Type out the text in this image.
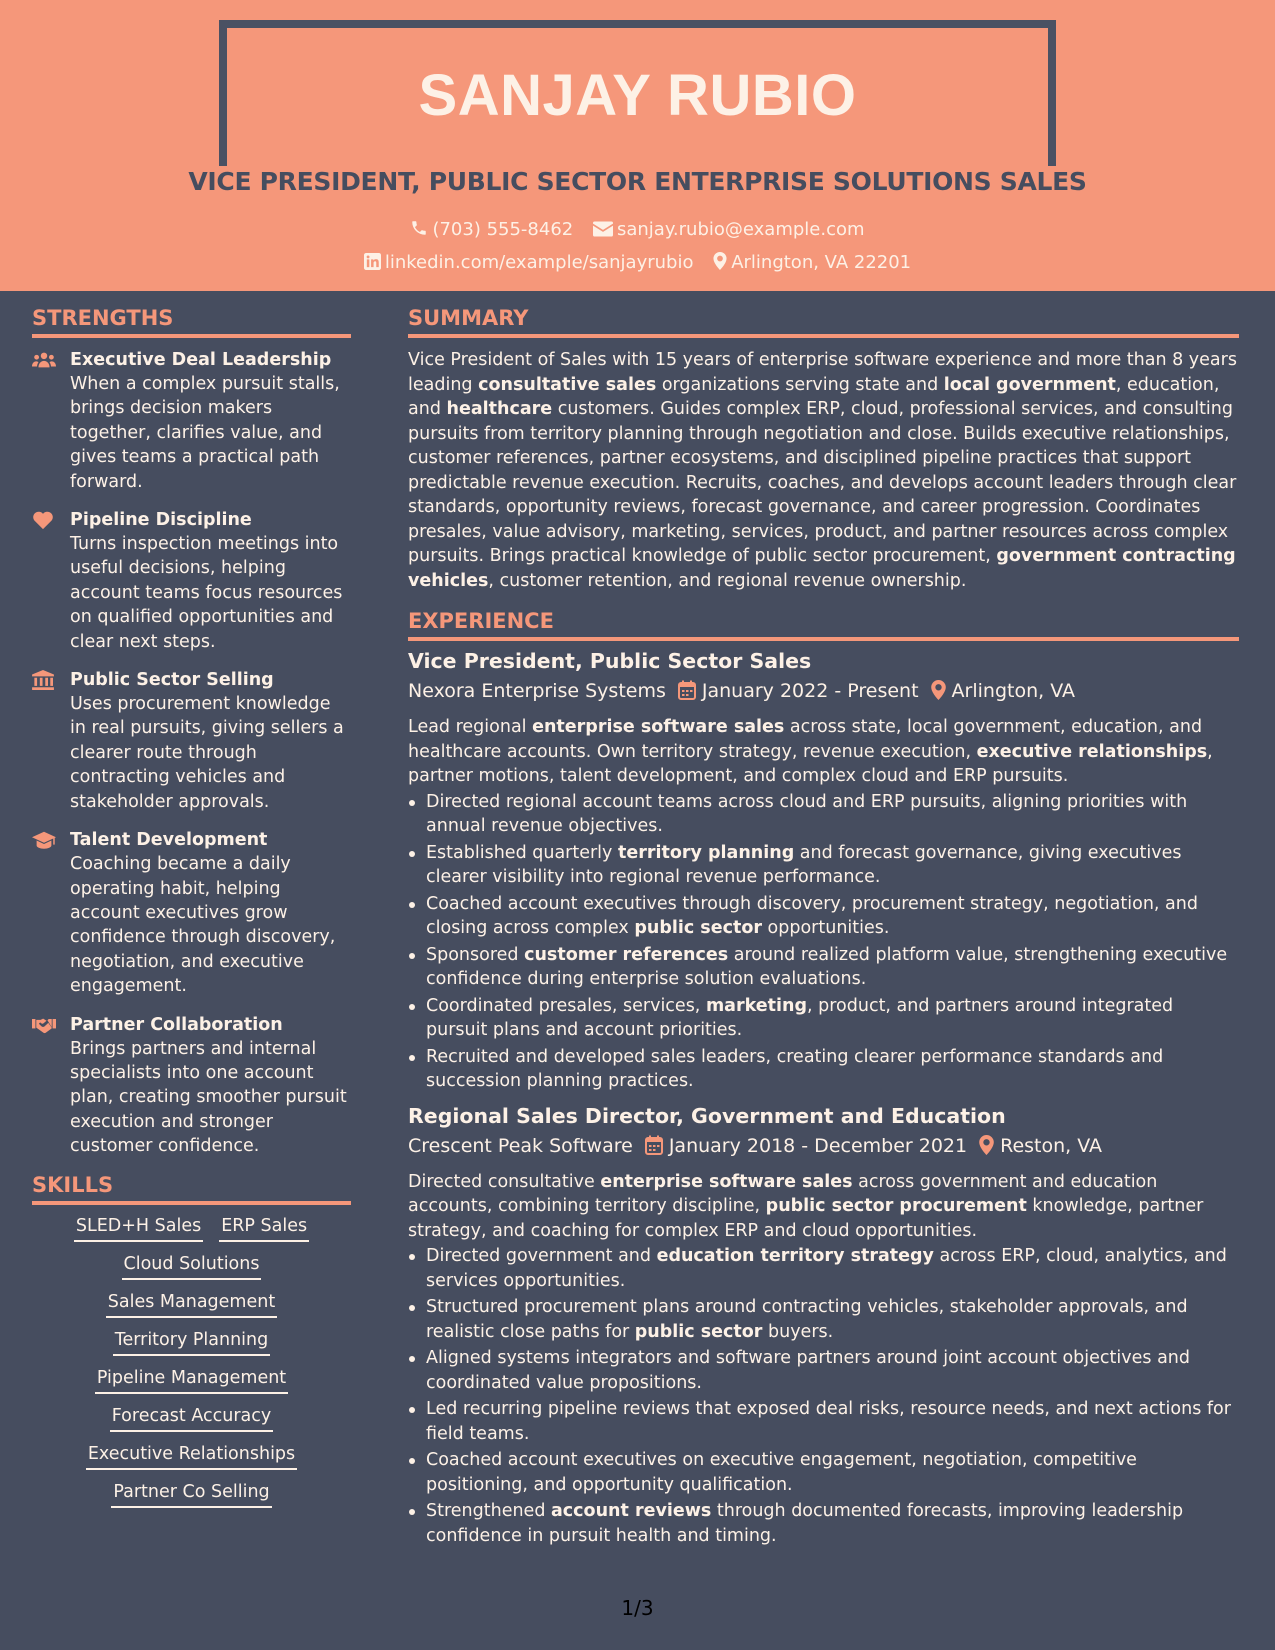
SANJAY RUBIO
VICE PRESIDENT, PUBLIC SECTOR ENTERPRISE SOLUTIONS SALES
(703) 555-8462 sanjay.rubio@example.com
linkedin.com/example/sanjayrubio Arlington, VA 22201
STRENGTHS
Executive Deal Leadership
When a complex pursuit stalls, brings decision makers together, clarifies value, and gives teams a practical path forward.
Pipeline Discipline
Turns inspection meetings into useful decisions, helping account teams focus resources on qualified opportunities and clear next steps.
Public Sector Selling
Uses procurement knowledge in real pursuits, giving sellers a clearer route through contracting vehicles and stakeholder approvals.
Talent Development
Coaching became a daily operating habit, helping account executives grow confidence through discovery, negotiation, and executive engagement.
Partner Collaboration
Brings partners and internal specialists into one account plan, creating smoother pursuit execution and stronger customer confidence.
SKILLS
SLED+H Sales ERP Sales
Cloud Solutions
Sales Management
Territory Planning
Pipeline Management
Forecast Accuracy
Executive Relationships
Partner Co Selling
SUMMARY

Vice President of Sales with 15 years of enterprise software experience and more than 8 years leading consultative sales organizations serving state and local government, education, and healthcare customers. Guides complex ERP, cloud, professional services, and consulting pursuits from territory planning through negotiation and close. Builds executive relationships, customer references, partner ecosystems, and disciplined pipeline practices that support predictable revenue execution. Recruits, coaches, and develops account leaders through clear standards, opportunity reviews, forecast governance, and career progression. Coordinates presales, value advisory, marketing, services, product, and partner resources across complex pursuits. Brings practical knowledge of public sector procurement, government contracting vehicles, customer retention, and regional revenue ownership.

EXPERIENCE
Vice President, Public Sector Sales
Nexora Enterprise Systems January 2022 - Present Arlington, VA

Lead regional enterprise software sales across state, local government, education, and healthcare accounts. Own territory strategy, revenue execution, executive relationships, partner motions, talent development, and complex cloud and ERP pursuits.

Directed regional account teams across cloud and ERP pursuits, aligning priorities with annual revenue objectives.
Established quarterly territory planning and forecast governance, giving executives clearer visibility into regional revenue performance.
Coached account executives through discovery, procurement strategy, negotiation, and closing across complex public sector opportunities.
Sponsored customer references around realized platform value, strengthening executive confidence during enterprise solution evaluations.
Coordinated presales, services, marketing, product, and partners around integrated pursuit plans and account priorities.
Recruited and developed sales leaders, creating clearer performance standards and succession planning practices.
Regional Sales Director, Government and Education
Crescent Peak Software January 2018 - December 2021 Reston, VA

Directed consultative enterprise software sales across government and education accounts, combining territory discipline, public sector procurement knowledge, partner strategy, and coaching for complex ERP and cloud opportunities.

Directed government and education territory strategy across ERP, cloud, analytics, and services opportunities.
Structured procurement plans around contracting vehicles, stakeholder approvals, and realistic close paths for public sector buyers.
Aligned systems integrators and software partners around joint account objectives and coordinated value propositions.
Led recurring pipeline reviews that exposed deal risks, resource needs, and next actions for field teams.
Coached account executives on executive engagement, negotiation, competitive positioning, and opportunity qualification.
Strengthened account reviews through documented forecasts, improving leadership confidence in pursuit health and timing.
1/3
